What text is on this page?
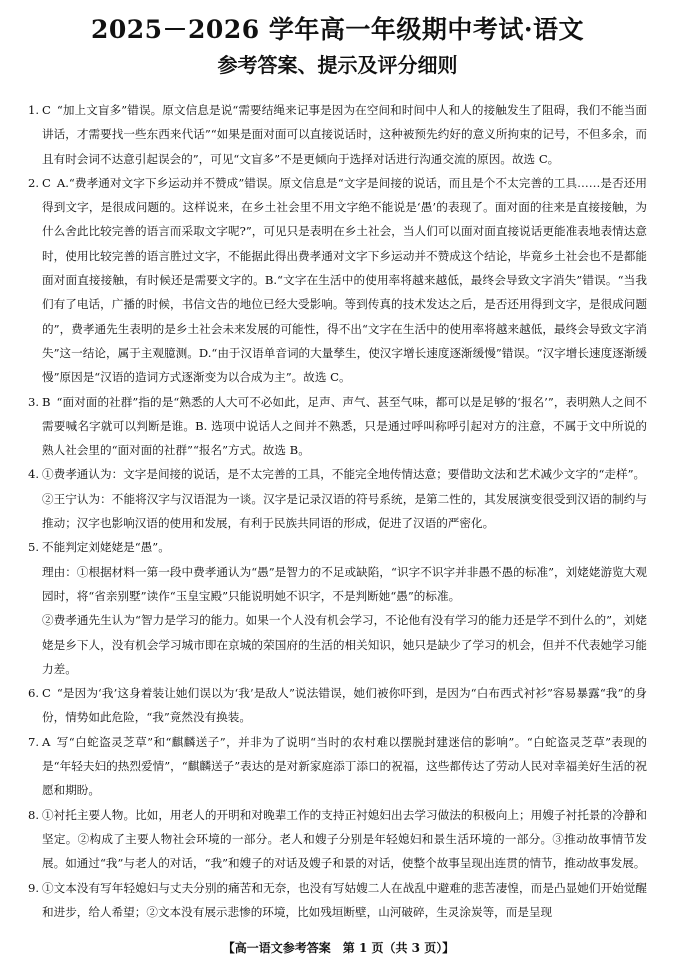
2025－2026 学年高一年级期中考试·语文
参考答案、提示及评分细则
1. C “加上文盲多”错误。原文信息是说“需要结绳来记事是因为在空间和时间中人和人的接触发生了阻碍，我们不能当面讲话，才需要找一些东西来代话”“如果是面对面可以直接说话时，这种被预先约好的意义所拘束的记号，不但多余，而且有时会词不达意引起误会的”，可见“文盲多”不是更倾向于选择对话进行沟通交流的原因。故选 C。
2. C A.“费孝通对文字下乡运动并不赞成”错误。原文信息是“文字是间接的说话，而且是个不太完善的工具……是否还用得到文字，是很成问题的。这样说来，在乡土社会里不用文字绝不能说是‘愚’的表现了。面对面的往来是直接接触，为什么舍此比较完善的语言而采取文字呢?”，可见只是表明在乡土社会，当人们可以面对面直接说话更能准表地表情达意时，使用比较完善的语言胜过文字，不能据此得出费孝通对文字下乡运动并不赞成这个结论，毕竟乡土社会也不是都能面对面直接接触，有时候还是需要文字的。B.“文字在生活中的使用率将越来越低，最终会导致文字消失”错误。“当我们有了电话，广播的时候，书信文告的地位已经大受影响。等到传真的技术发达之后，是否还用得到文字，是很成问题的”，费孝通先生表明的是乡土社会未来发展的可能性，得不出“文字在生活中的使用率将越来越低，最终会导致文字消失”这一结论，属于主观臆测。D.“由于汉语单音词的大量孳生，使汉字增长速度逐渐缓慢”错误。“汉字增长速度逐渐缓慢”原因是“汉语的造词方式逐渐变为以合成为主”。故选 C。
3. B “面对面的社群”指的是“熟悉的人大可不必如此，足声、声气、甚至气味，都可以是足够的‘报名’”，表明熟人之间不需要喊名字就可以判断是谁。B. 选项中说话人之间并不熟悉，只是通过呼叫称呼引起对方的注意，不属于文中所说的熟人社会里的“面对面的社群”“报名”方式。故选 B。
4. ①费孝通认为：文字是间接的说话，是不太完善的工具，不能完全地传情达意；要借助文法和艺术减少文字的“走样”。
②王宁认为：不能将汉字与汉语混为一谈。汉字是记录汉语的符号系统，是第二性的，其发展演变很受到汉语的制约与推动；汉字也影响汉语的使用和发展，有利于民族共同语的形成，促进了汉语的严密化。
5. 不能判定刘姥姥是“愚”。
理由：①根据材料一第一段中费孝通认为“愚”是智力的不足或缺陷，“识字不识字并非愚不愚的标准”，刘姥姥游览大观园时，将“省亲别墅”读作“玉皇宝殿”只能说明她不识字，不是判断她“愚”的标准。
②费孝通先生认为“智力是学习的能力。如果一个人没有机会学习，不论他有没有学习的能力还是学不到什么的”，刘姥姥是乡下人，没有机会学习城市即在京城的荣国府的生活的相关知识，她只是缺少了学习的机会，但并不代表她学习能力差。
6. C “是因为‘我’这身着装让她们误以为‘我’是敌人”说法错误，她们被你吓到，是因为“白布西式衬衫”容易暴露“我”的身份，情势如此危险，“我”竟然没有换装。
7. A 写“白蛇盗灵芝草”和“麒麟送子”，并非为了说明“当时的农村难以摆脱封建迷信的影响”。“白蛇盗灵芝草”表现的是“年轻夫妇的热烈爱情”，“麒麟送子”表达的是对新家庭添丁添口的祝福，这些都传达了劳动人民对幸福美好生活的祝愿和期盼。
8. ①衬托主要人物。比如，用老人的开明和对晚辈工作的支持正衬媳妇出去学习做法的积极向上；用嫂子衬托景的冷静和坚定。②构成了主要人物社会环境的一部分。老人和嫂子分别是年轻媳妇和景生活环境的一部分。③推动故事情节发展。如通过“我”与老人的对话，“我”和嫂子的对话及嫂子和景的对话，使整个故事呈现出连贯的情节，推动故事发展。
9. ①文本没有写年轻媳妇与丈夫分别的痛苦和无奈，也没有写姑嫂二人在战乱中避难的悲苦凄惶，而是凸显她们开始觉醒和进步，给人希望；②文本没有展示悲惨的环境，比如残垣断壁，山河破碎，生灵涂炭等，而是呈现
【高一语文参考答案　第 1 页（共 3 页）】
